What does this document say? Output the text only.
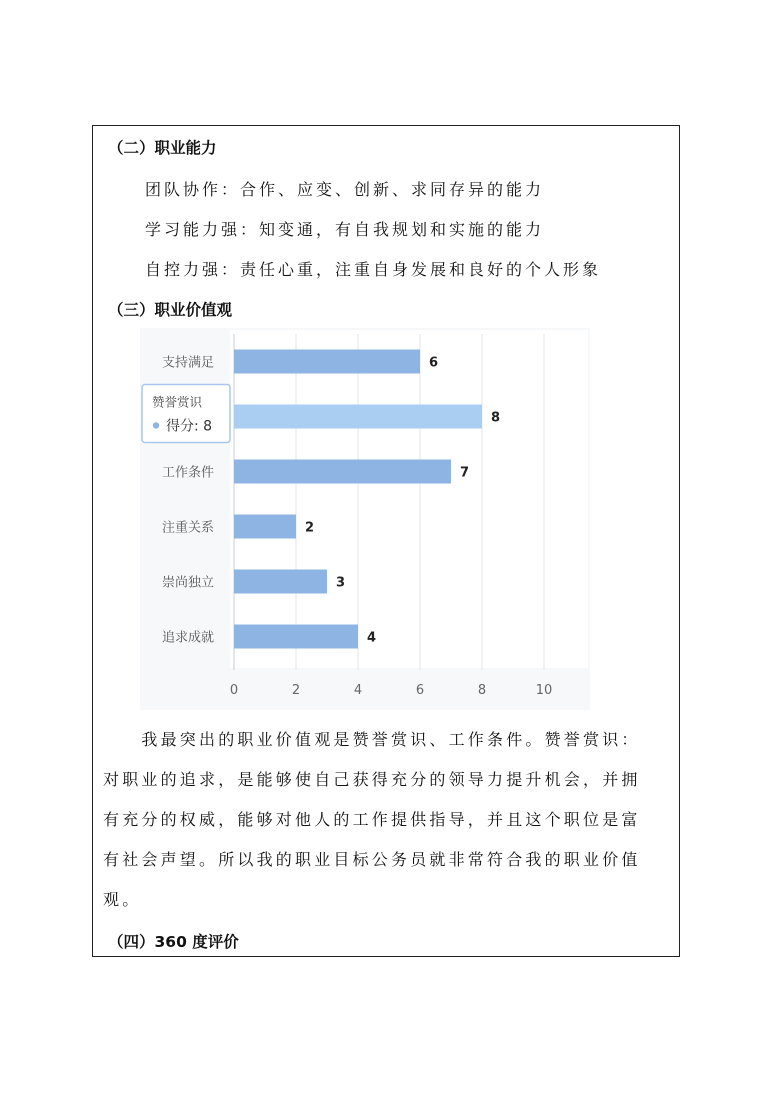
（二）职业能力
团队协作：合作、应变、创新、求同存异的能力
学习能力强：知变通，有自我规划和实施的能力
自控力强：责任心重，注重自身发展和良好的个人形象
（三）职业价值观
0	2	4	6	8	10
6
支持满足
8
7
工作条件
2
注重关系
3
崇尚独立
4
追求成就
赞誉赏识
得分: 8
　　我最突出的职业价值观是赞誉赏识、工作条件。赞誉赏识：
对职业的追求，是能够使自己获得充分的领导力提升机会，并拥
有充分的权威，能够对他人的工作提供指导，并且这个职位是富
有社会声望。所以我的职业目标公务员就非常符合我的职业价值
观。
（四）360 度评价
